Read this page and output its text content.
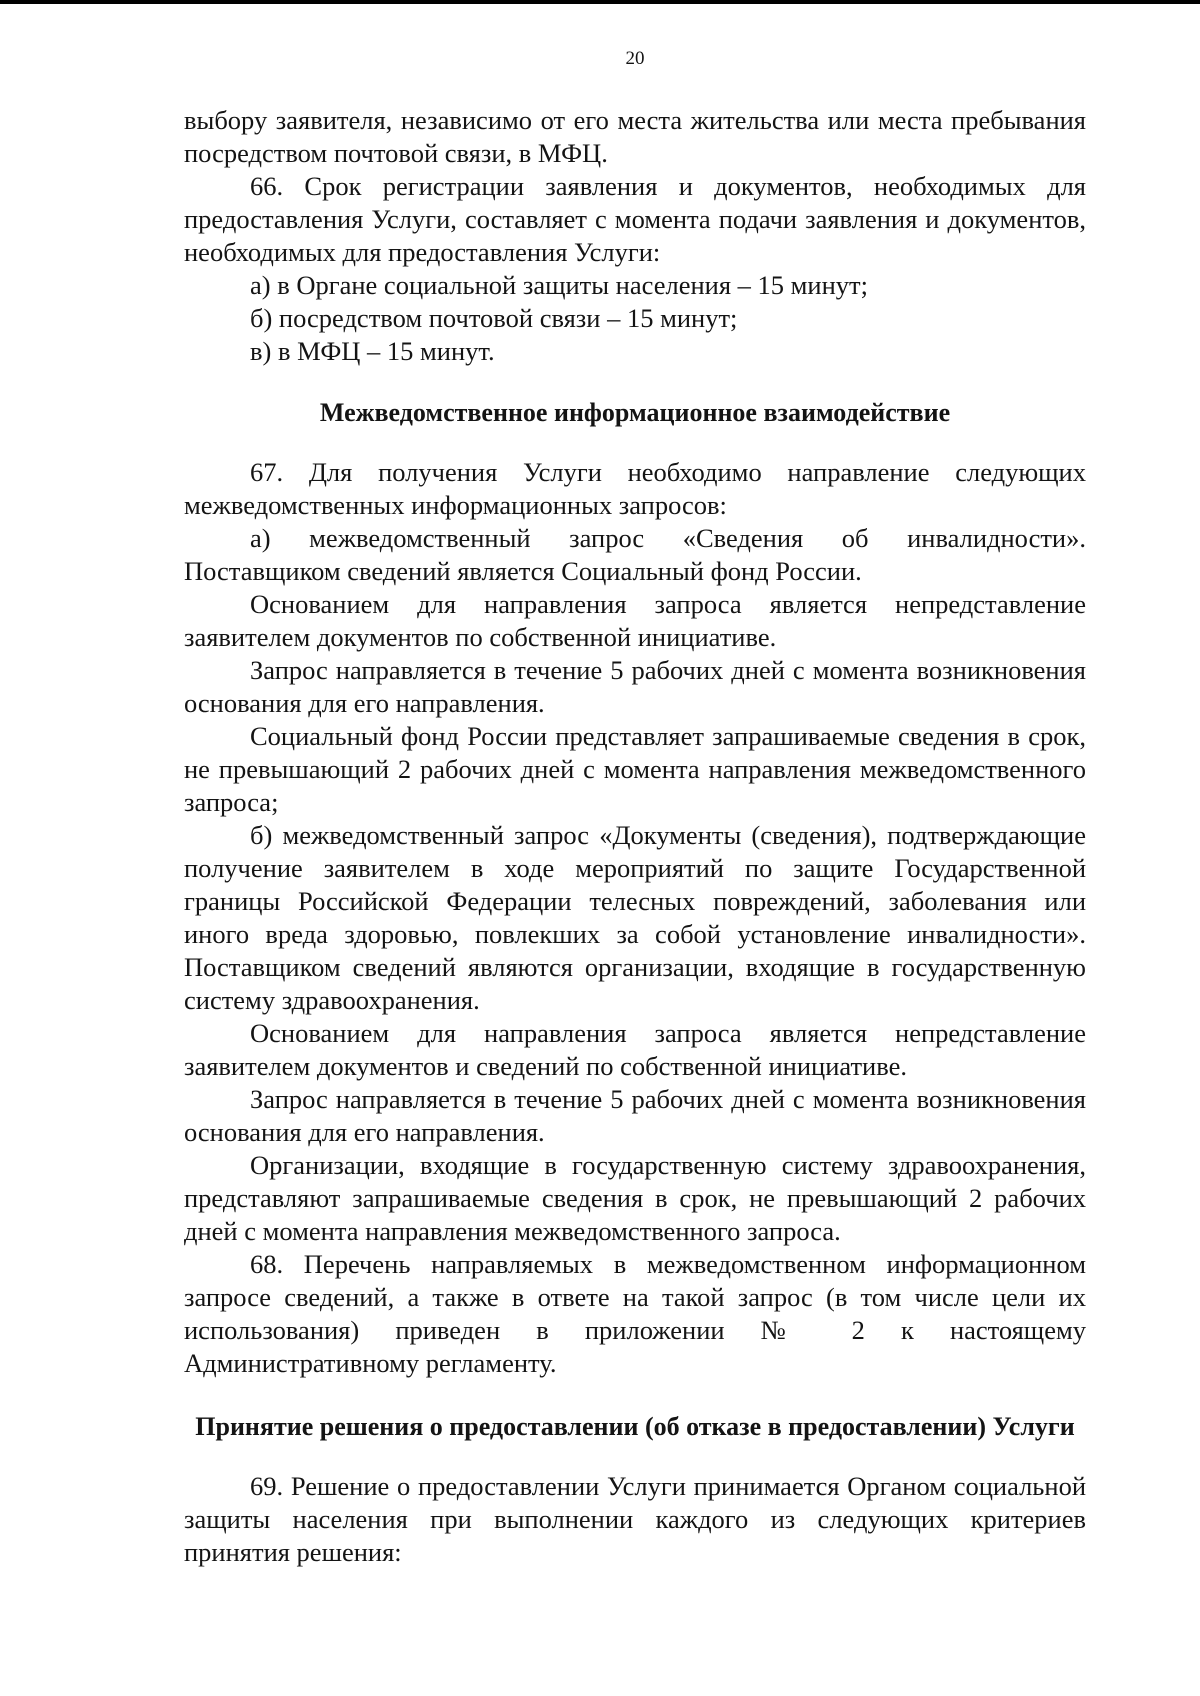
20

выбору заявителя, независимо от его места жительства или места пребывания посредством почтовой связи, в МФЦ.

66. Срок регистрации заявления и документов, необходимых для предоставления Услуги, составляет с момента подачи заявления и документов, необходимых для предоставления Услуги:

а) в Органе социальной защиты населения – 15 минут;

б) посредством почтовой связи – 15 минут;

в) в МФЦ – 15 минут.

Межведомственное информационное взаимодействие

67. Для получения Услуги необходимо направление следующих межведомственных информационных запросов:

а) межведомственный запрос «Сведения об инвалидности». Поставщиком сведений является Социальный фонд России.

Основанием для направления запроса является непредставление заявителем документов по собственной инициативе.

Запрос направляется в течение 5 рабочих дней с момента возникновения основания для его направления.

Социальный фонд России представляет запрашиваемые сведения в срок, не превышающий 2 рабочих дней с момента направления межведомственного запроса;

б) межведомственный запрос «Документы (сведения), подтверждающие получение заявителем в ходе мероприятий по защите Государственной границы Российской Федерации телесных повреждений, заболевания или иного вреда здоровью, повлекших за собой установление инвалидности». Поставщиком сведений являются организации, входящие в государственную систему здравоохранения.

Основанием для направления запроса является непредставление заявителем документов и сведений по собственной инициативе.

Запрос направляется в течение 5 рабочих дней с момента возникновения основания для его направления.

Организации, входящие в государственную систему здравоохранения, представляют запрашиваемые сведения в срок, не превышающий 2 рабочих дней с момента направления межведомственного запроса.

68. Перечень направляемых в межведомственном информационном запросе сведений, а также в ответе на такой запрос (в том числе цели их использования) приведен в приложении № 2 к настоящему Административному регламенту.

Принятие решения о предоставлении (об отказе в предоставлении) Услуги

69. Решение о предоставлении Услуги принимается Органом социальной защиты населения при выполнении каждого из следующих критериев принятия решения:
